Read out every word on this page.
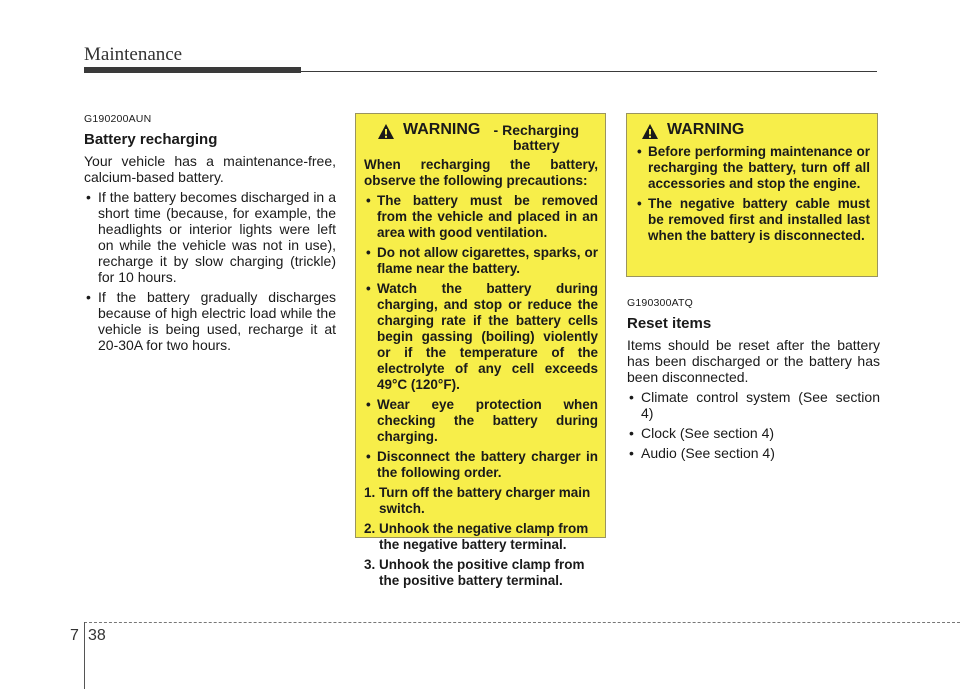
Maintenance
G190200AUN
Battery recharging
Your vehicle has a maintenance-free, calcium-based battery.
• If the battery becomes discharged in a short time (because, for example, the headlights or interior lights were left on while the vehicle was not in use), recharge it by slow charging (trickle) for 10 hours.
• If the battery gradually discharges because of high electric load while the vehicle is being used, recharge it at 20-30A for two hours.
WARNING - Recharging battery
When recharging the battery, observe the following precautions:
• The battery must be removed from the vehicle and placed in an area with good ventilation.
• Do not allow cigarettes, sparks, or flame near the battery.
• Watch the battery during charging, and stop or reduce the charging rate if the battery cells begin gassing (boiling) violently or if the temperature of the electrolyte of any cell exceeds 49°C (120°F).
• Wear eye protection when checking the battery during charging.
• Disconnect the battery charger in the following order.
1. Turn off the battery charger main switch.
2. Unhook the negative clamp from the negative battery terminal.
3. Unhook the positive clamp from the positive battery terminal.
WARNING
• Before performing maintenance or recharging the battery, turn off all accessories and stop the engine.
• The negative battery cable must be removed first and installed last when the battery is disconnected.
G190300ATQ
Reset items
Items should be reset after the battery has been discharged or the battery has been disconnected.
• Climate control system (See section 4)
• Clock (See section 4)
• Audio (See section 4)
7 38
